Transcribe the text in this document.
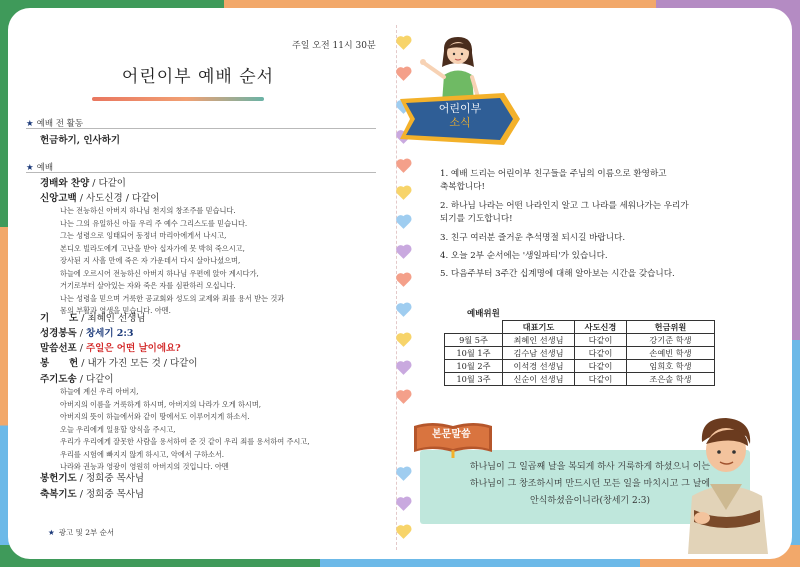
주일 오전 11시 30분
어린이부 예배 순서
★ 예배 전 활동
헌금하기, 인사하기
★ 예배
경배와 찬양 / 다같이
신앙고백 / 사도신경 / 다같이
나는 전능하신 아버지 하나님 천지의 창조주를 믿습니다.
나는 그의 유일하신 아들 우리 주 예수 그리스도를 믿습니다.
그는 성령으로 잉태되어 동정녀 마리아에게서 나시고,
본디오 빌라도에게 고난을 받아 십자가에 못 박혀 죽으시고,
장사된 지 사흘 만에 죽은 자 가운데서 다시 살아나셨으며,
하늘에 오르시어 전능하신 아버지 하나님 우편에 앉아 계시다가,
거기로부터 살아있는 자와 죽은 자를 심판하러 오십니다.
나는 성령을 믿으며 거룩한 공교회와 성도의 교제와 죄를 용서 받는 것과
몸의 부활과 영생을 믿습니다. 아멘.
기      도 / 최혜인 선생님
성경봉독 / 창세기 2:3
말씀선포 / 주일은 어떤 날이에요?
봉      헌 / 내가 가진 모든 것 / 다같이
주기도송 / 다같이
하늘에 계신 우리 아버지,
아버지의 이름을 거룩하게 하시며, 아버지의 나라가 오게 하시며,
아버지의 뜻이 하늘에서와 같이 땅에서도 이루어지게 하소서.
오늘 우리에게 일용할 양식을 주시고,
우리가 우리에게 잘못한 사람을 용서하여 준 것 같이 우리 죄를 용서하여 주시고,
우리를 시험에 빠지지 않게 하시고, 악에서 구하소서.
나라와 권능과 영광이 영원히 아버지의 것입니다. 아멘
봉헌기도 / 정희중 목사님
축복기도 / 정희중 목사님
★ 광고 및 2부 순서
어린이부
소식
1. 예배 드리는 어린이부 친구들을 주님의 이름으로 환영하고
축복합니다!
2. 하나님 나라는 어떤 나라인지 알고 그 나라를 세워나가는 우리가
되기를 기도합니다!
3. 친구 여러분 즐거운 추석명절 되시길 바랍니다.
4. 오늘 2부 순서에는 '생일파티'가 있습니다.
5. 다음주부터 3주간 십계명에 대해 알아보는 시간을 갖습니다.
예배위원
	대표기도	사도신경	헌금위원
9월 5주	최혜인 선생님	다같이	강기준 학생
10월 1주	김수남 선생님	다같이	손예빈 학생
10월 2주	이석경 선생님	다같이	임희호 학생
10월 3주	신순이 선생님	다같이	조은솔 학생
본문말씀
하나님이 그 일곱째 날을 복되게 하사 거룩하게 하셨으니 이는
하나님이 그 창조하시며 만드시던 모든 일을 마치시고 그 날에
안식하셨음이니라(창세기 2:3)
